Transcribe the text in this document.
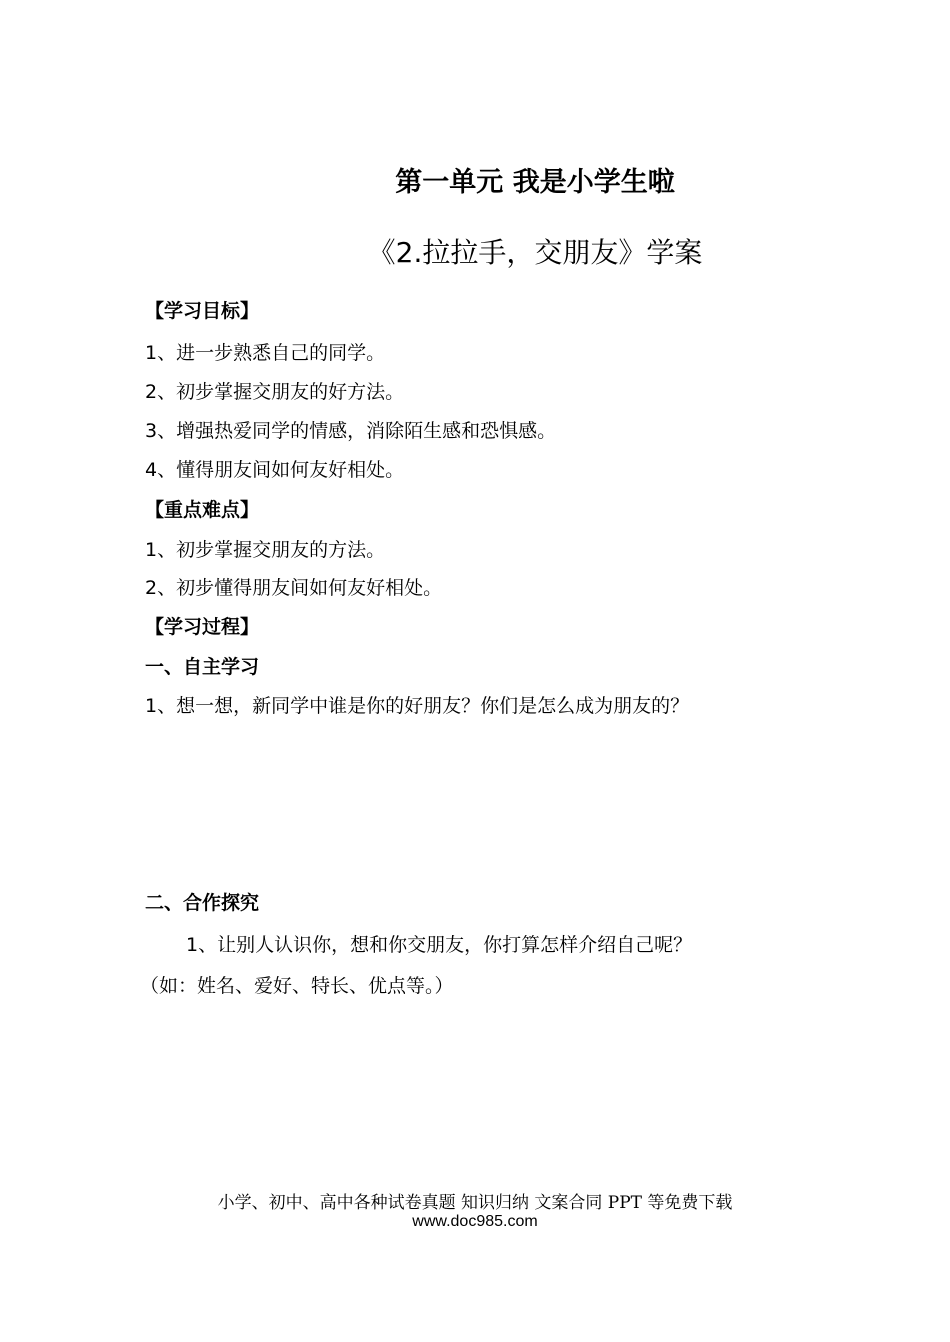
第一单元 我是小学生啦
《2.拉拉手，交朋友》学案
【学习目标】
1、进一步熟悉自己的同学。
2、初步掌握交朋友的好方法。
3、增强热爱同学的情感，消除陌生感和恐惧感。
4、懂得朋友间如何友好相处。
【重点难点】
1、初步掌握交朋友的方法。
2、初步懂得朋友间如何友好相处。
【学习过程】
一、自主学习
1、想一想，新同学中谁是你的好朋友？你们是怎么成为朋友的？
二、合作探究
1、让别人认识你，想和你交朋友，你打算怎样介绍自己呢？
（如：姓名、爱好、特长、优点等。）
小学、初中、高中各种试卷真题 知识归纳 文案合同 PPT 等免费下载
www.doc985.com
